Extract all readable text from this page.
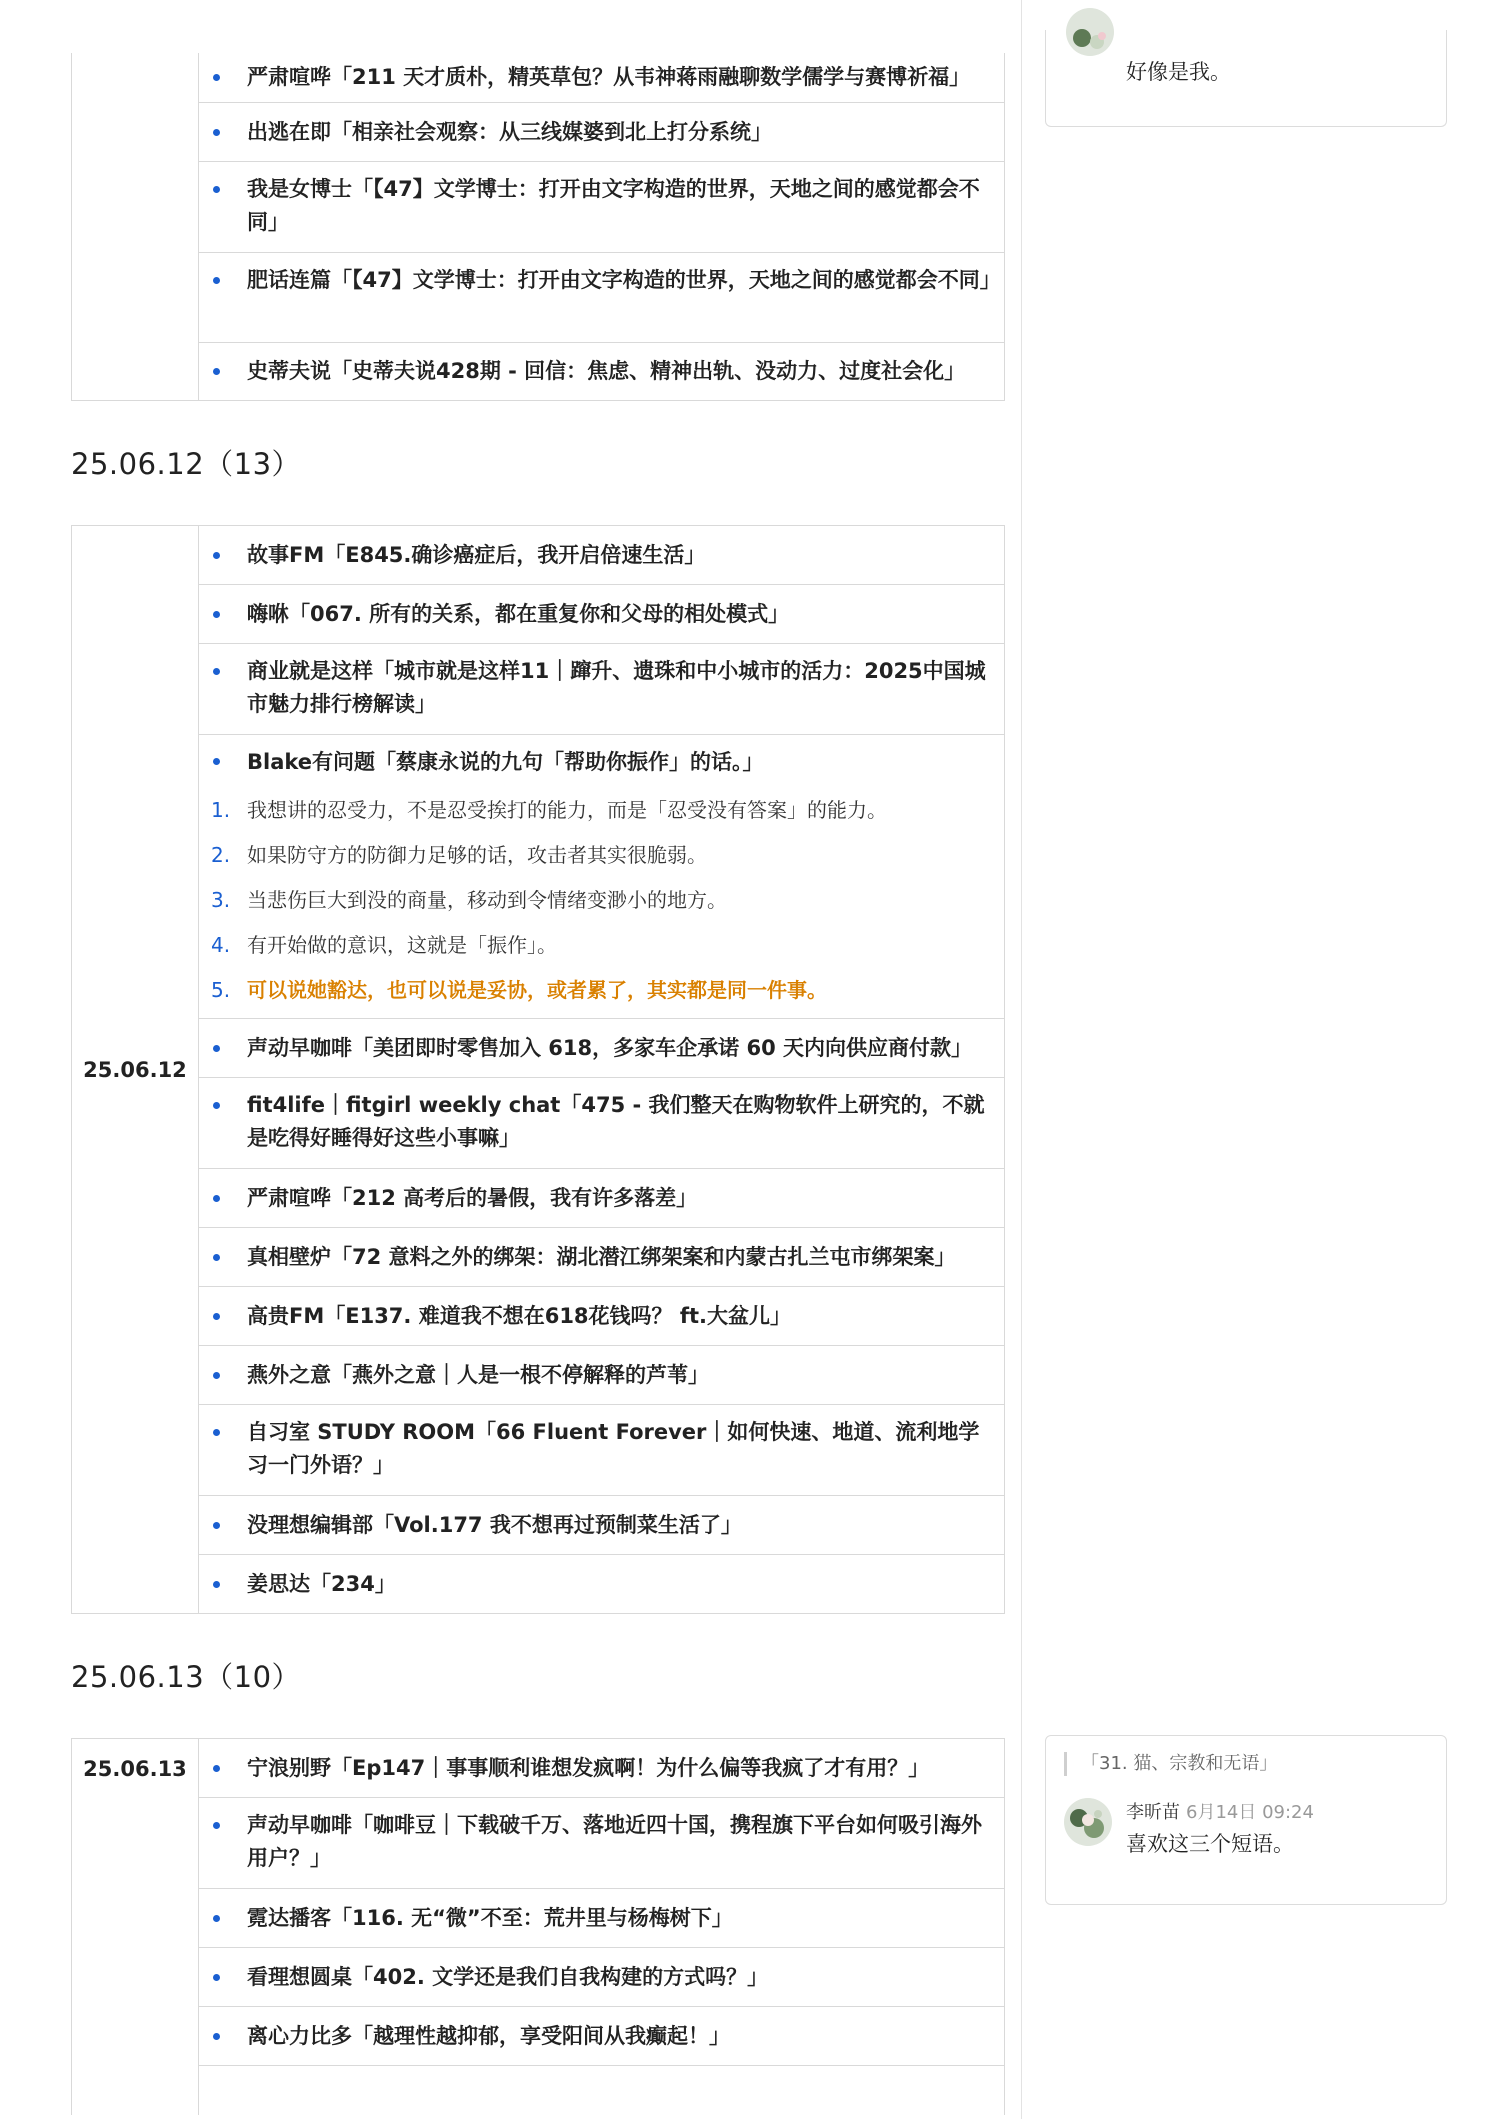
严肃喧哗「211 天才质朴，精英草包？从韦神蒋雨融聊数学儒学与赛博祈福」
出逃在即「相亲社会观察：从三线媒婆到北上打分系统」
我是女博士「【47】文学博士：打开由文字构造的世界，天地之间的感觉都会不同」
肥话连篇「【47】文学博士：打开由文字构造的世界，天地之间的感觉都会不同」
史蒂夫说「史蒂夫说428期 - 回信：焦虑、精神出轨、没动力、过度社会化」
25.06.12（13）
25.06.12	
故事FM「E845.确诊癌症后，我开启倍速生活」
嗨咻「067. 所有的关系，都在重复你和父母的相处模式」
商业就是这样「城市就是这样11｜蹿升、遗珠和中小城市的活力：2025中国城市魅力排行榜解读」
Blake有问题「蔡康永说的九句「帮助你振作」的话。」
1. 我想讲的忍受力，不是忍受挨打的能力，而是「忍受没有答案」的能力。
2. 如果防守方的防御力足够的话，攻击者其实很脆弱。
3. 当悲伤巨大到没的商量，移动到令情绪变渺小的地方。
4. 有开始做的意识，这就是「振作」。
5. 可以说她豁达，也可以说是妥协，或者累了，其实都是同一件事。
声动早咖啡「美团即时零售加入 618，多家车企承诺 60 天内向供应商付款」
fit4life｜fitgirl weekly chat「475 - 我们整天在购物软件上研究的，不就是吃得好睡得好这些小事嘛」
严肃喧哗「212 高考后的暑假，我有许多落差」
真相壁炉「72 意料之外的绑架：湖北潜江绑架案和内蒙古扎兰屯市绑架案」
高贵FM「E137. 难道我不想在618花钱吗？ ft.大盆儿」
燕外之意「燕外之意｜人是一根不停解释的芦苇」
自习室 STUDY ROOM「66 Fluent Forever｜如何快速、地道、流利地学习一门外语？」
没理想编辑部「Vol.177 我不想再过预制菜生活了」
姜思达「234」
25.06.13（10）
25.06.13	宁浪别野「Ep147｜事事顺利谁想发疯啊！为什么偏等我疯了才有用？」
声动早咖啡「咖啡豆｜下载破千万、落地近四十国，携程旗下平台如何吸引海外用户？」
霓达播客「116. 无“微”不至：荒井里与杨梅树下」
看理想圆桌「402. 文学还是我们自我构建的方式吗？」
离心力比多「越理性越抑郁，享受阳间从我癫起！」
好像是我。
「31. 猫、宗教和无语」
李昕苗 6月14日 09:24
喜欢这三个短语。
